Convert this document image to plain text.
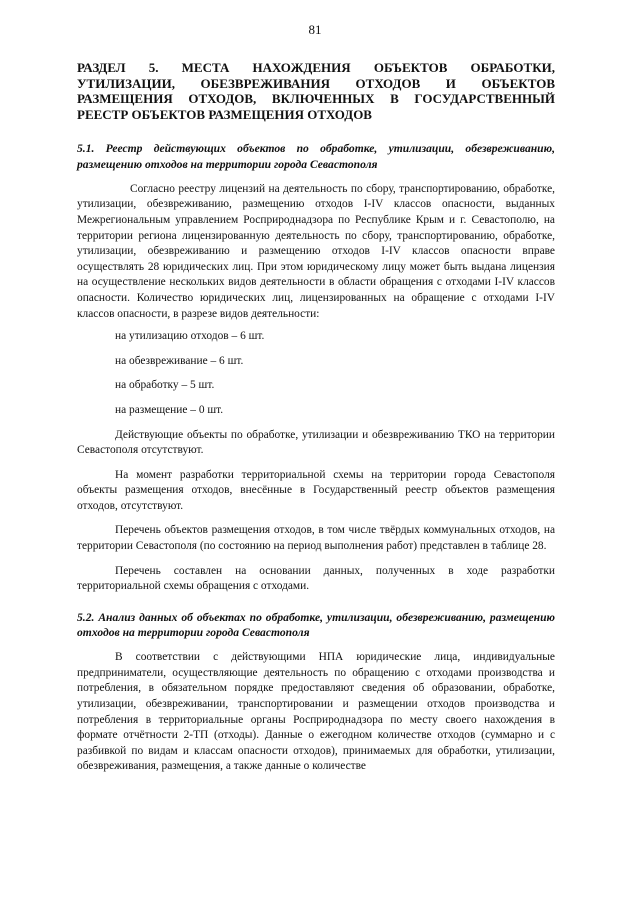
81
РАЗДЕЛ 5. МЕСТА НАХОЖДЕНИЯ ОБЪЕКТОВ ОБРАБОТКИ, УТИЛИЗАЦИИ, ОБЕЗВРЕЖИВАНИЯ ОТХОДОВ И ОБЪЕКТОВ РАЗМЕЩЕНИЯ ОТХОДОВ, ВКЛЮЧЕННЫХ В ГОСУДАРСТВЕННЫЙ РЕЕСТР ОБЪЕКТОВ РАЗМЕЩЕНИЯ ОТХОДОВ
5.1. Реестр действующих объектов по обработке, утилизации, обезвреживанию, размещению отходов на территории города Севастополя
Согласно реестру лицензий на деятельность по сбору, транспортированию, обработке, утилизации, обезвреживанию, размещению отходов I-IV классов опасности, выданных Межрегиональным управлением Росприроднадзора по Республике Крым и г. Севастополю, на территории региона лицензированную деятельность по сбору, транспортированию, обработке, утилизации, обезвреживанию и размещению отходов I-IV классов опасности вправе осуществлять 28 юридических лиц. При этом юридическому лицу может быть выдана лицензия на осуществление нескольких видов деятельности в области обращения с отходами I-IV классов опасности. Количество юридических лиц, лицензированных на обращение с отходами I-IV классов опасности, в разрезе видов деятельности:
на утилизацию отходов – 6 шт.
на обезвреживание – 6 шт.
на обработку – 5 шт.
на размещение – 0 шт.
Действующие объекты по обработке, утилизации и обезвреживанию ТКО на территории Севастополя отсутствуют.
На момент разработки территориальной схемы на территории города Севастополя объекты размещения отходов, внесённые в Государственный реестр объектов размещения отходов, отсутствуют.
Перечень объектов размещения отходов, в том числе твёрдых коммунальных отходов, на территории Севастополя (по состоянию на период выполнения работ) представлен в таблице 28.
Перечень составлен на основании данных, полученных в ходе разработки территориальной схемы обращения с отходами.
5.2. Анализ данных об объектах по обработке, утилизации, обезвреживанию, размещению отходов на территории города Севастополя
В соответствии с действующими НПА юридические лица, индивидуальные предприниматели, осуществляющие деятельность по обращению с отходами производства и потребления, в обязательном порядке предоставляют сведения об образовании, обработке, утилизации, обезвреживании, транспортировании и размещении отходов производства и потребления в территориальные органы Росприроднадзора по месту своего нахождения в формате отчётности 2-ТП (отходы). Данные о ежегодном количестве отходов (суммарно и с разбивкой по видам и классам опасности отходов), принимаемых для обработки, утилизации, обезвреживания, размещения, а также данные о количестве
